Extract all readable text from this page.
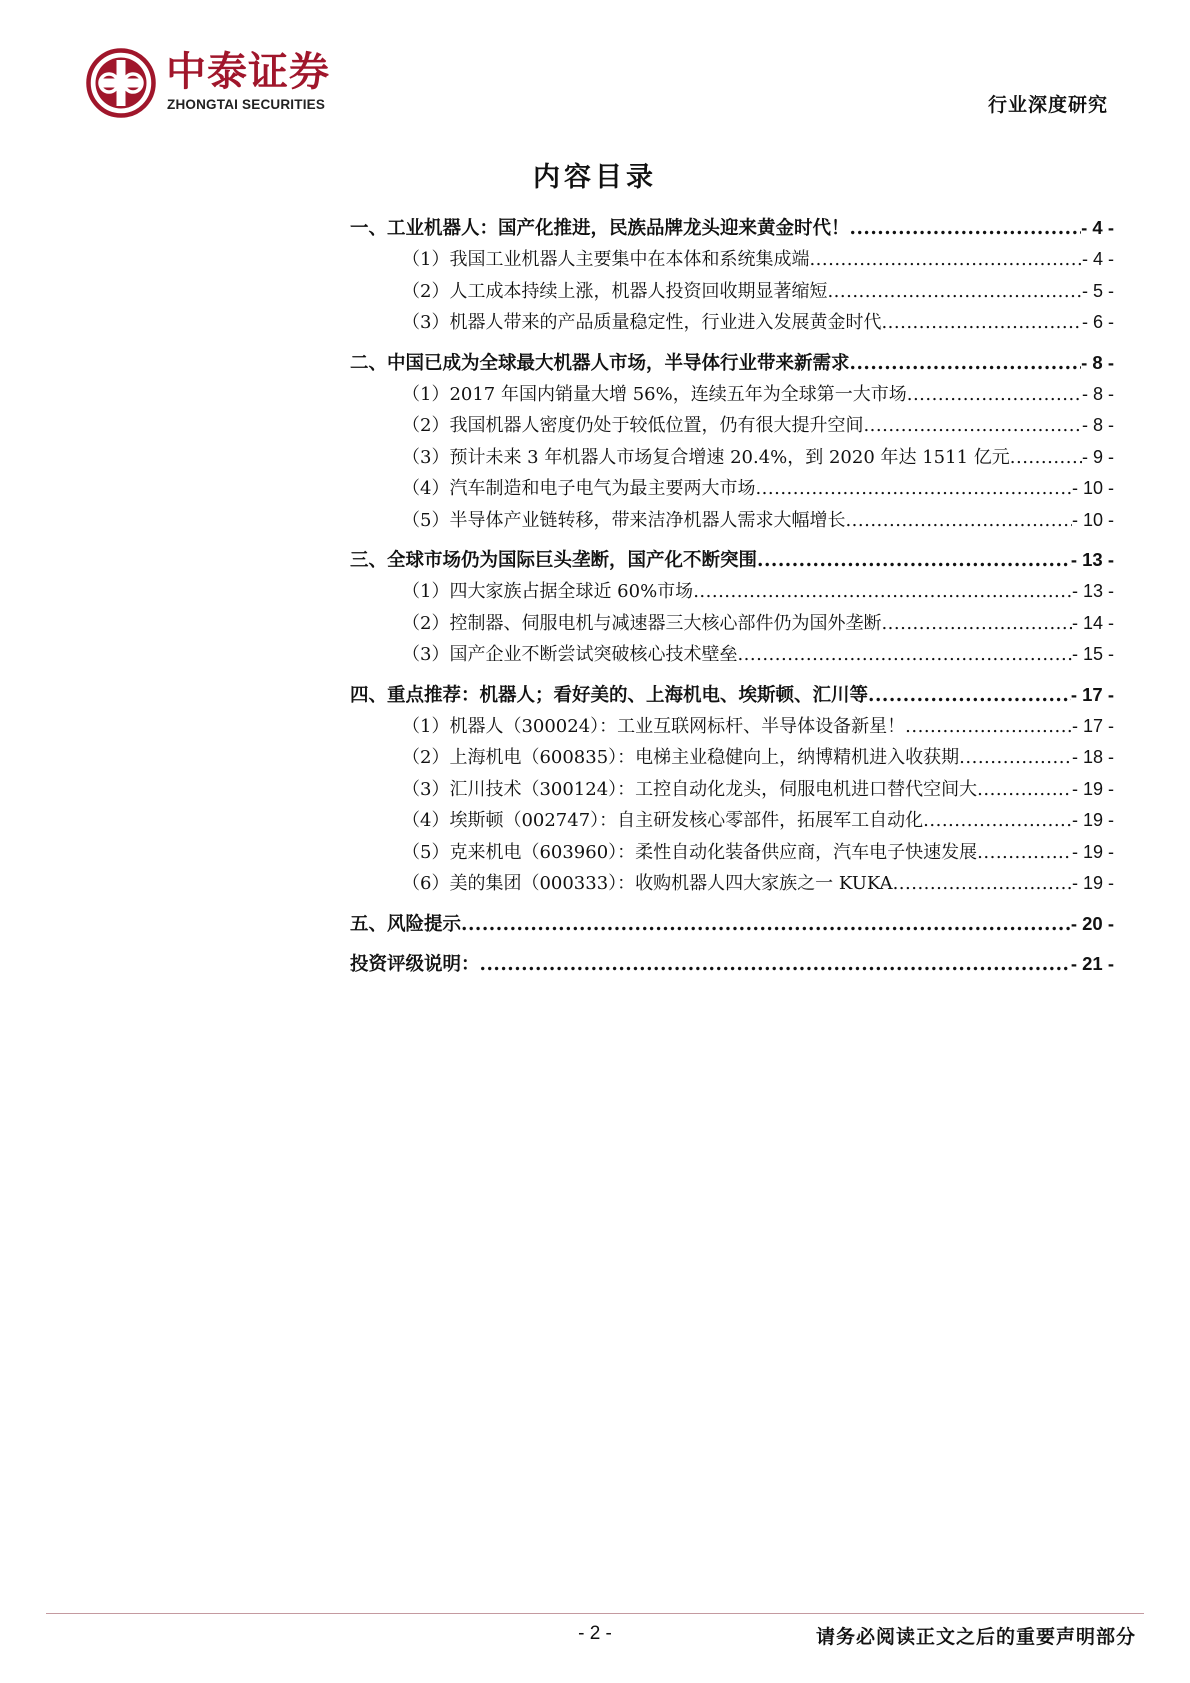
中泰证券
ZHONGTAI SECURITIES	行业深度研究
内容目录
一、工业机器人：国产化推进，民族品牌龙头迎来黄金时代！ .....	- 4 -
（1）我国工业机器人主要集中在本体和系统集成端 .....	- 4 -
（2）人工成本持续上涨，机器人投资回收期显著缩短 .....	- 5 -
（3）机器人带来的产品质量稳定性，行业进入发展黄金时代 .....	- 6 -
二、中国已成为全球最大机器人市场，半导体行业带来新需求 .....	- 8 -
（1）2017 年国内销量大增 56%，连续五年为全球第一大市场 .....	- 8 -
（2）我国机器人密度仍处于较低位置，仍有很大提升空间 .....	- 8 -
（3）预计未来 3 年机器人市场复合增速 20.4%，到 2020 年达 1511 亿元 .....	- 9 -
（4）汽车制造和电子电气为最主要两大市场 .....	- 10 -
（5）半导体产业链转移，带来洁净机器人需求大幅增长 .....	- 10 -
三、全球市场仍为国际巨头垄断，国产化不断突围 .....	- 13 -
（1）四大家族占据全球近 60%市场 .....	- 13 -
（2）控制器、伺服电机与减速器三大核心部件仍为国外垄断 .....	- 14 -
（3）国产企业不断尝试突破核心技术壁垒 .....	- 15 -
四、重点推荐：机器人；看好美的、上海机电、埃斯顿、汇川等 .....	- 17 -
（1）机器人（300024）：工业互联网标杆、半导体设备新星！ .....	- 17 -
（2）上海机电（600835）：电梯主业稳健向上，纳博精机进入收获期 .....	- 18 -
（3）汇川技术（300124）：工控自动化龙头，伺服电机进口替代空间大 .....	- 19 -
（4）埃斯顿（002747）：自主研发核心零部件，拓展军工自动化 .....	- 19 -
（5）克来机电（603960）：柔性自动化装备供应商，汽车电子快速发展 .....	- 19 -
（6）美的集团（000333）：收购机器人四大家族之一 KUKA .....	- 19 -
五、风险提示 .....	- 20 -
投资评级说明： .....	- 21 -
- 2 -	请务必阅读正文之后的重要声明部分
